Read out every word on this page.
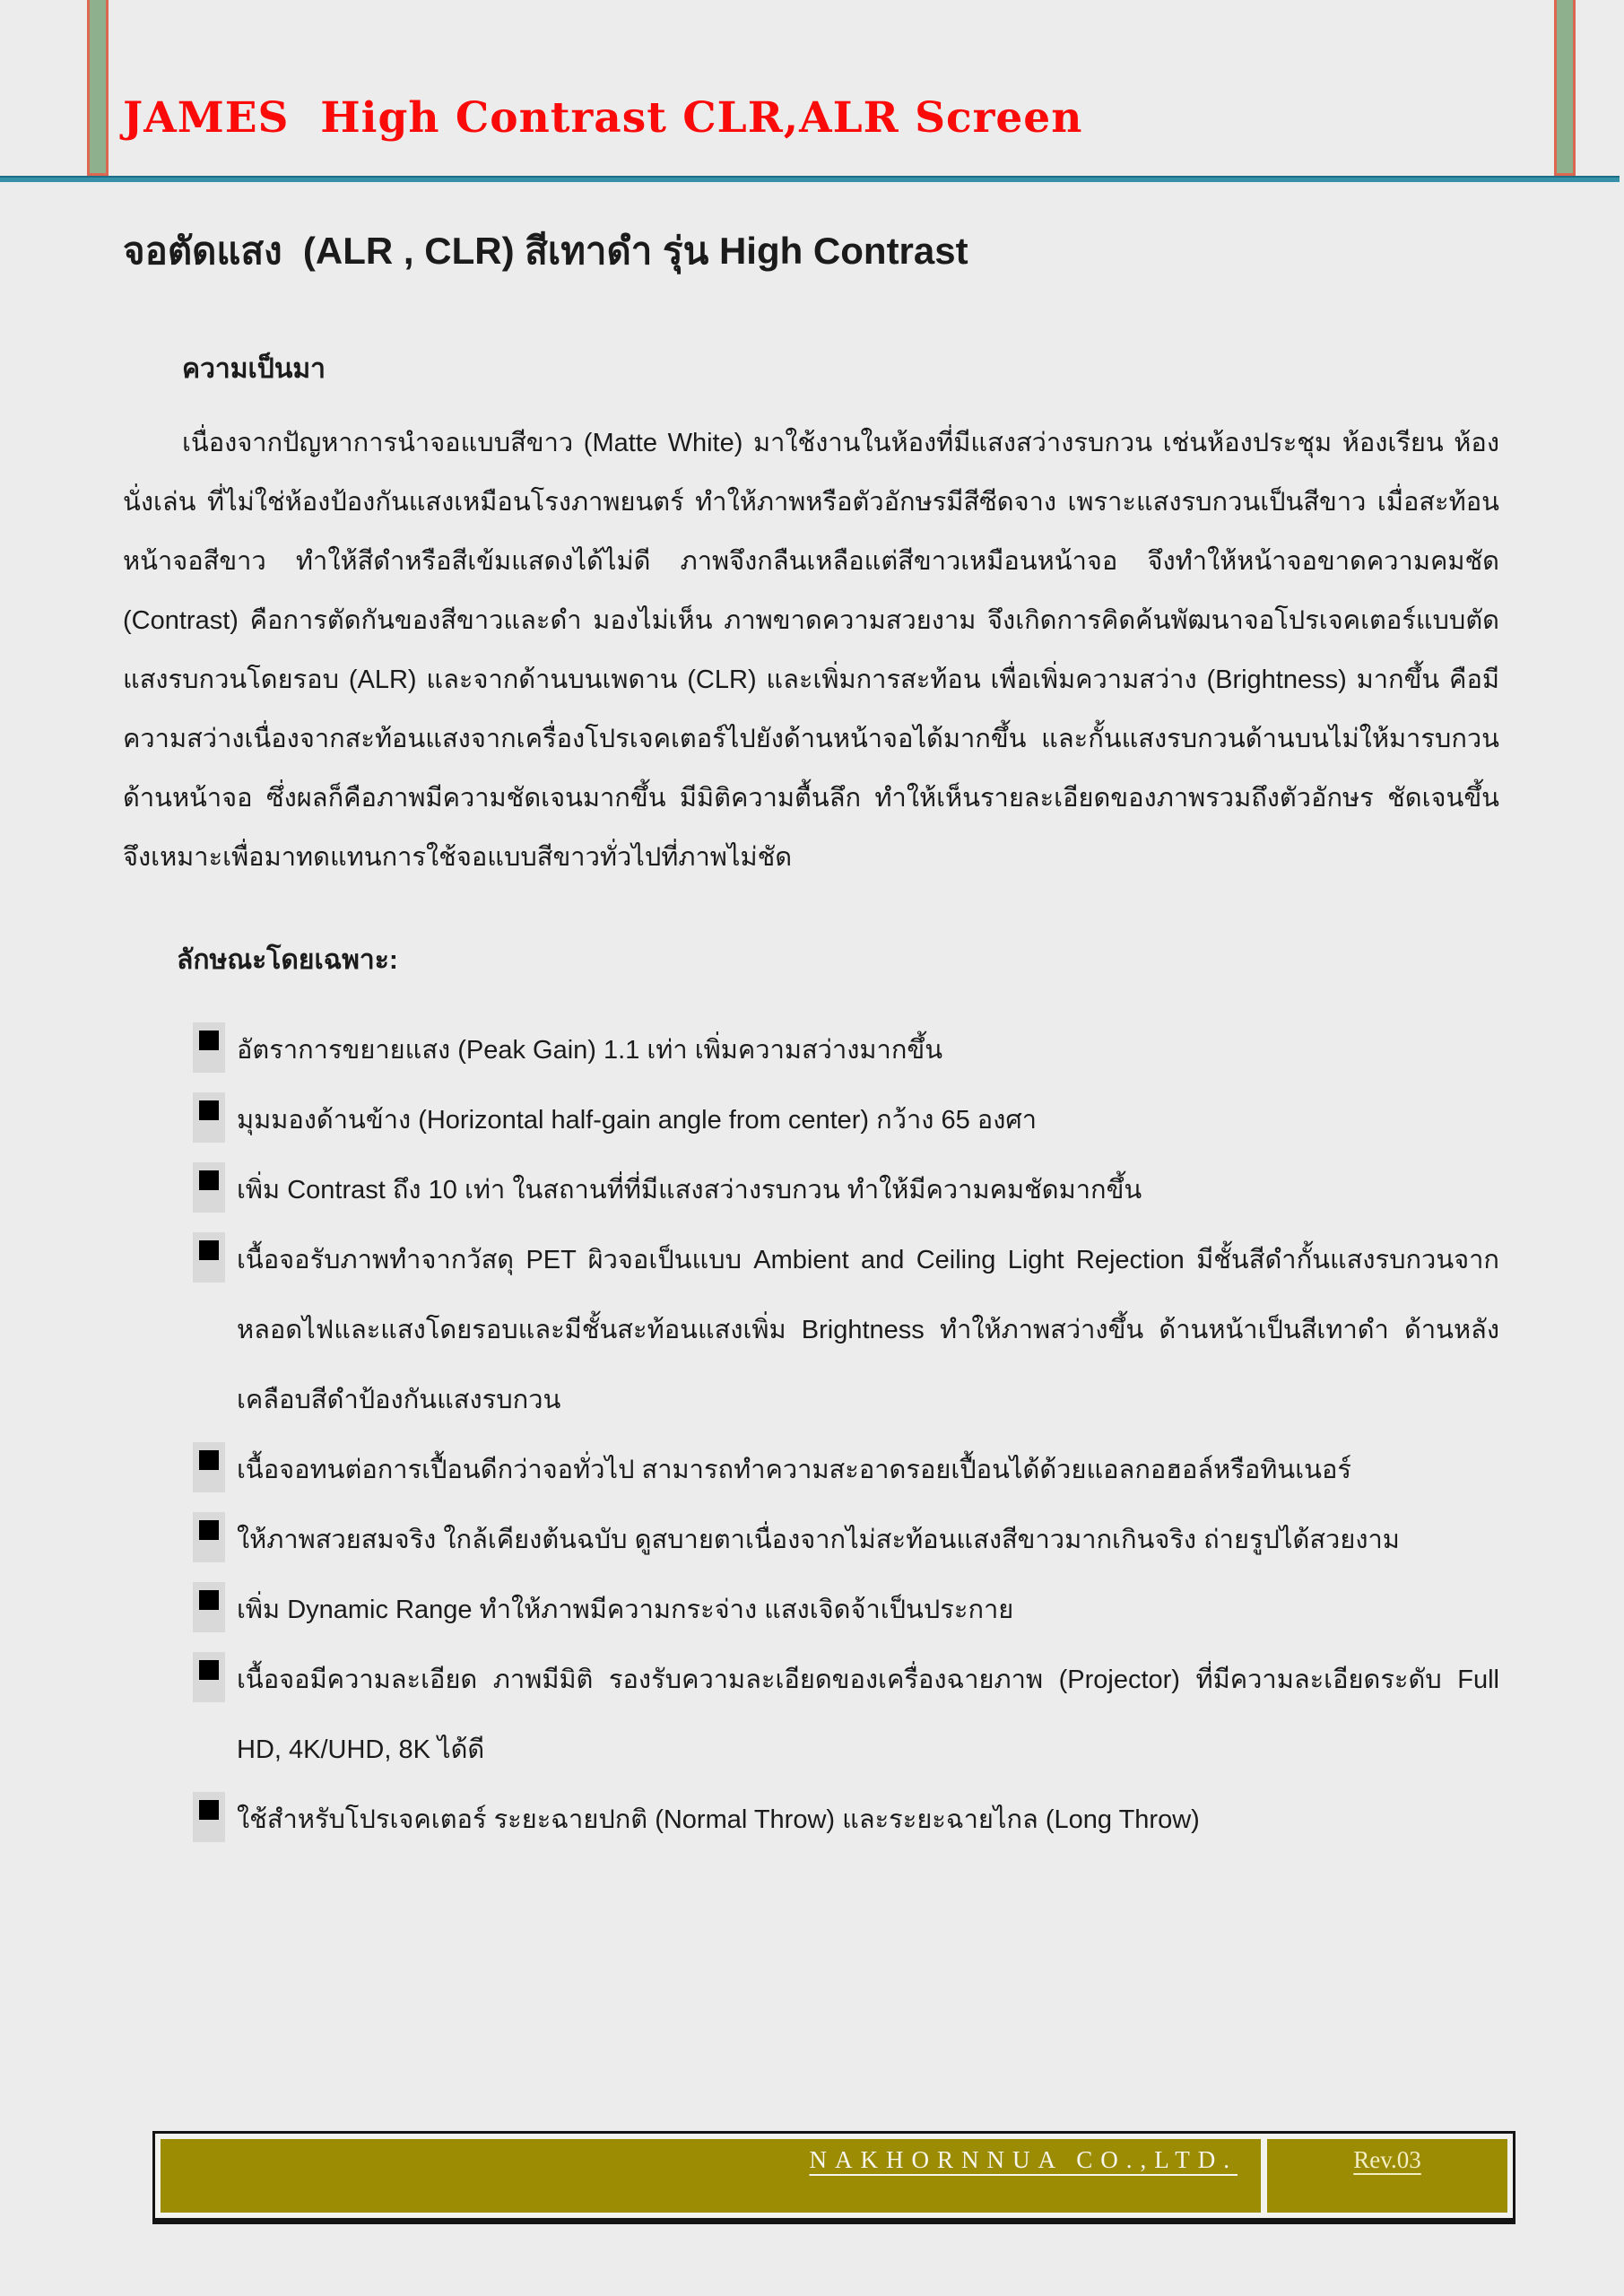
JAMES  High Contrast CLR,ALR Screen
จอตัดแสง  (ALR , CLR) สีเทาดำ รุ่น High Contrast
ความเป็นมา

เนื่องจากปัญหาการนำจอแบบสีขาว (Matte White) มาใช้งานในห้องที่มีแสงสว่างรบกวน เช่นห้องประชุม ห้องเรียน ห้องนั่งเล่น ที่ไม่ใช่ห้องป้องกันแสงเหมือนโรงภาพยนตร์ ทำให้ภาพหรือตัวอักษรมีสีซีดจาง เพราะแสงรบกวนเป็นสีขาว เมื่อสะท้อนหน้าจอสีขาว ทำให้สีดำหรือสีเข้มแสดงได้ไม่ดี ภาพจึงกลืนเหลือแต่สีขาวเหมือนหน้าจอ จึงทำให้หน้าจอขาดความคมชัด (Contrast) คือการตัดกันของสีขาวและดำ มองไม่เห็น ภาพขาดความสวยงาม จึงเกิดการคิดค้นพัฒนาจอโปรเจคเตอร์แบบตัดแสงรบกวนโดยรอบ (ALR) และจากด้านบนเพดาน (CLR) และเพิ่มการสะท้อน เพื่อเพิ่มความสว่าง (Brightness) มากขึ้น คือมีความสว่างเนื่องจากสะท้อนแสงจากเครื่องโปรเจคเตอร์ไปยังด้านหน้าจอได้มากขึ้น และกั้นแสงรบกวนด้านบนไม่ให้มารบกวนด้านหน้าจอ ซึ่งผลก็คือภาพมีความชัดเจนมากขึ้น มีมิติความตื้นลึก ทำให้เห็นรายละเอียดของภาพรวมถึงตัวอักษร ชัดเจนขึ้น จึงเหมาะเพื่อมาทดแทนการใช้จอแบบสีขาวทั่วไปที่ภาพไม่ชัด

ลักษณะโดยเฉพาะ:
อัตราการขยายแสง (Peak Gain) 1.1 เท่า เพิ่มความสว่างมากขึ้น
มุมมองด้านข้าง (Horizontal half-gain angle from center) กว้าง 65 องศา
เพิ่ม Contrast ถึง 10 เท่า ในสถานที่ที่มีแสงสว่างรบกวน ทำให้มีความคมชัดมากขึ้น
เนื้อจอรับภาพทำจากวัสดุ PET ผิวจอเป็นแบบ Ambient and Ceiling Light Rejection มีชั้นสีดำกั้นแสงรบกวนจากหลอดไฟและแสงโดยรอบและมีชั้นสะท้อนแสงเพิ่ม Brightness ทำให้ภาพสว่างขึ้น ด้านหน้าเป็นสีเทาดำ ด้านหลังเคลือบสีดำป้องกันแสงรบกวน
เนื้อจอทนต่อการเปื้อนดีกว่าจอทั่วไป สามารถทำความสะอาดรอยเปื้อนได้ด้วยแอลกอฮอล์หรือทินเนอร์
ให้ภาพสวยสมจริง ใกล้เคียงต้นฉบับ ดูสบายตาเนื่องจากไม่สะท้อนแสงสีขาวมากเกินจริง ถ่ายรูปได้สวยงาม
เพิ่ม Dynamic Range ทำให้ภาพมีความกระจ่าง แสงเจิดจ้าเป็นประกาย
เนื้อจอมีความละเอียด ภาพมีมิติ รองรับความละเอียดของเครื่องฉายภาพ (Projector) ที่มีความละเอียดระดับ Full HD, 4K/UHD, 8K ได้ดี
ใช้สำหรับโปรเจคเตอร์ ระยะฉายปกติ (Normal Throw) และระยะฉายไกล (Long Throw)
NAKHORNNUA CO.,LTD.	Rev.03
